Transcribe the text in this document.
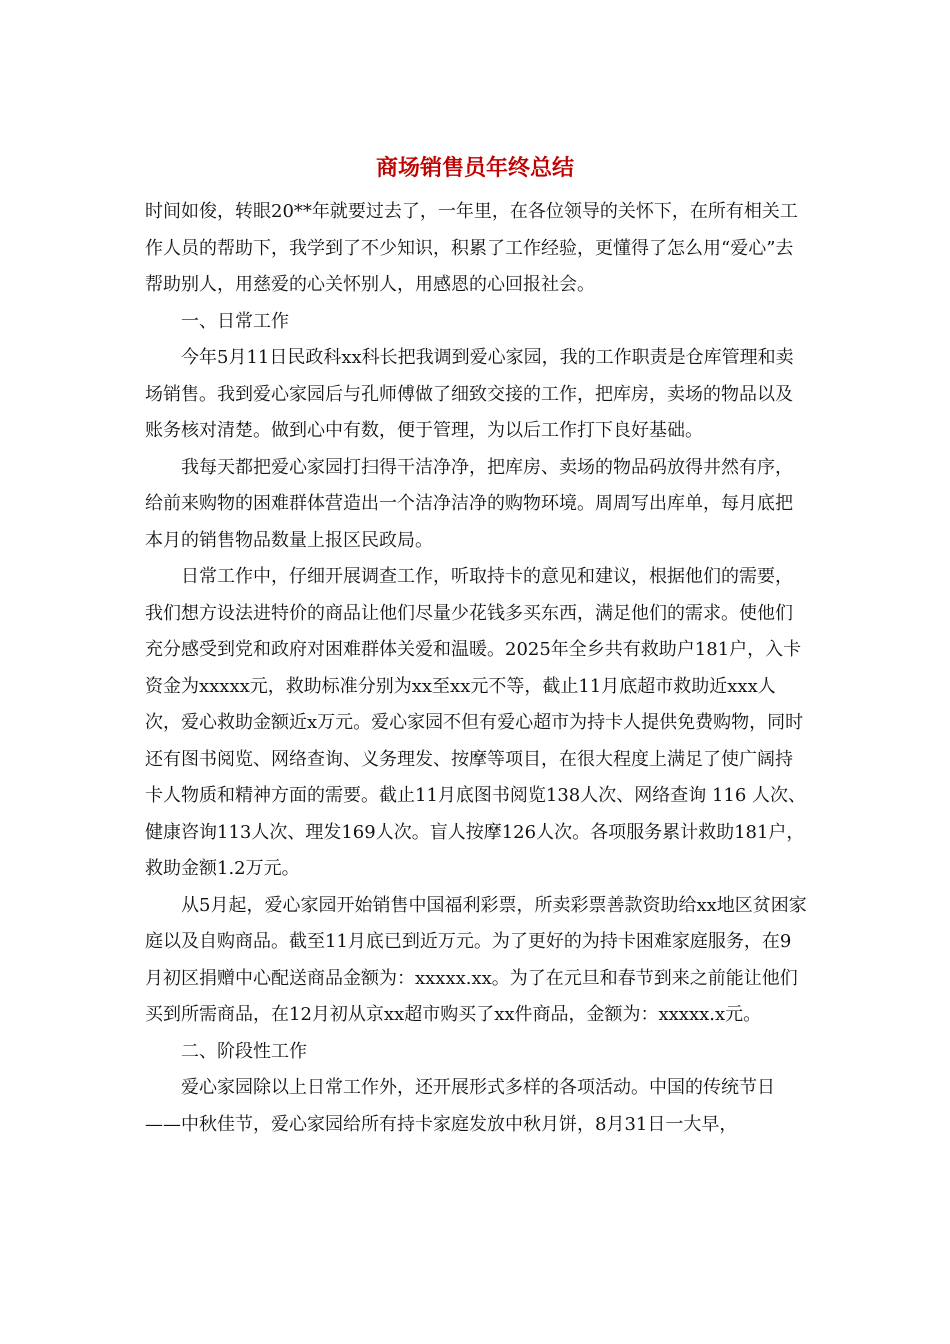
商场销售员年终总结

时间如俊，转眼20**年就要过去了，一年里，在各位领导的关怀下，在所有相关工作人员的帮助下，我学到了不少知识，积累了工作经验，更懂得了怎么用“爱心”去帮助别人，用慈爱的心关怀别人，用感恩的心回报社会。

一、日常工作

今年5月11日民政科xx科长把我调到爱心家园，我的工作职责是仓库管理和卖场销售。我到爱心家园后与孔师傅做了细致交接的工作，把库房，卖场的物品以及账务核对清楚。做到心中有数，便于管理，为以后工作打下良好基础。

我每天都把爱心家园打扫得干洁净净，把库房、卖场的物品码放得井然有序，给前来购物的困难群体营造出一个洁净洁净的购物环境。周周写出库单，每月底把本月的销售物品数量上报区民政局。

日常工作中，仔细开展调查工作，听取持卡的意见和建议，根据他们的需要，我们想方设法进特价的商品让他们尽量少花钱多买东西，满足他们的需求。使他们充分感受到党和政府对困难群体关爱和温暖。2025年全乡共有救助户181户，入卡资金为xxxxx元，救助标准分别为xx至xx元不等，截止11月底超市救助近xxx人次，爱心救助金额近x万元。爱心家园不但有爱心超市为持卡人提供免费购物，同时还有图书阅览、网络查询、义务理发、按摩等项目，在很大程度上满足了使广阔持卡人物质和精神方面的需要。截止11月底图书阅览138人次、网络查询 116 人次、健康咨询113人次、理发169人次。盲人按摩126人次。各项服务累计救助181户，救助金额1.2万元。

从5月起，爱心家园开始销售中国福利彩票，所卖彩票善款资助给xx地区贫困家庭以及自购商品。截至11月底已到近万元。为了更好的为持卡困难家庭服务，在9月初区捐赠中心配送商品金额为：xxxxx.xx。为了在元旦和春节到来之前能让他们买到所需商品，在12月初从京xx超市购买了xx件商品，金额为：xxxxx.x元。

二、阶段性工作

爱心家园除以上日常工作外，还开展形式多样的各项活动。中国的传统节日——中秋佳节，爱心家园给所有持卡家庭发放中秋月饼，8月31日一大早，
